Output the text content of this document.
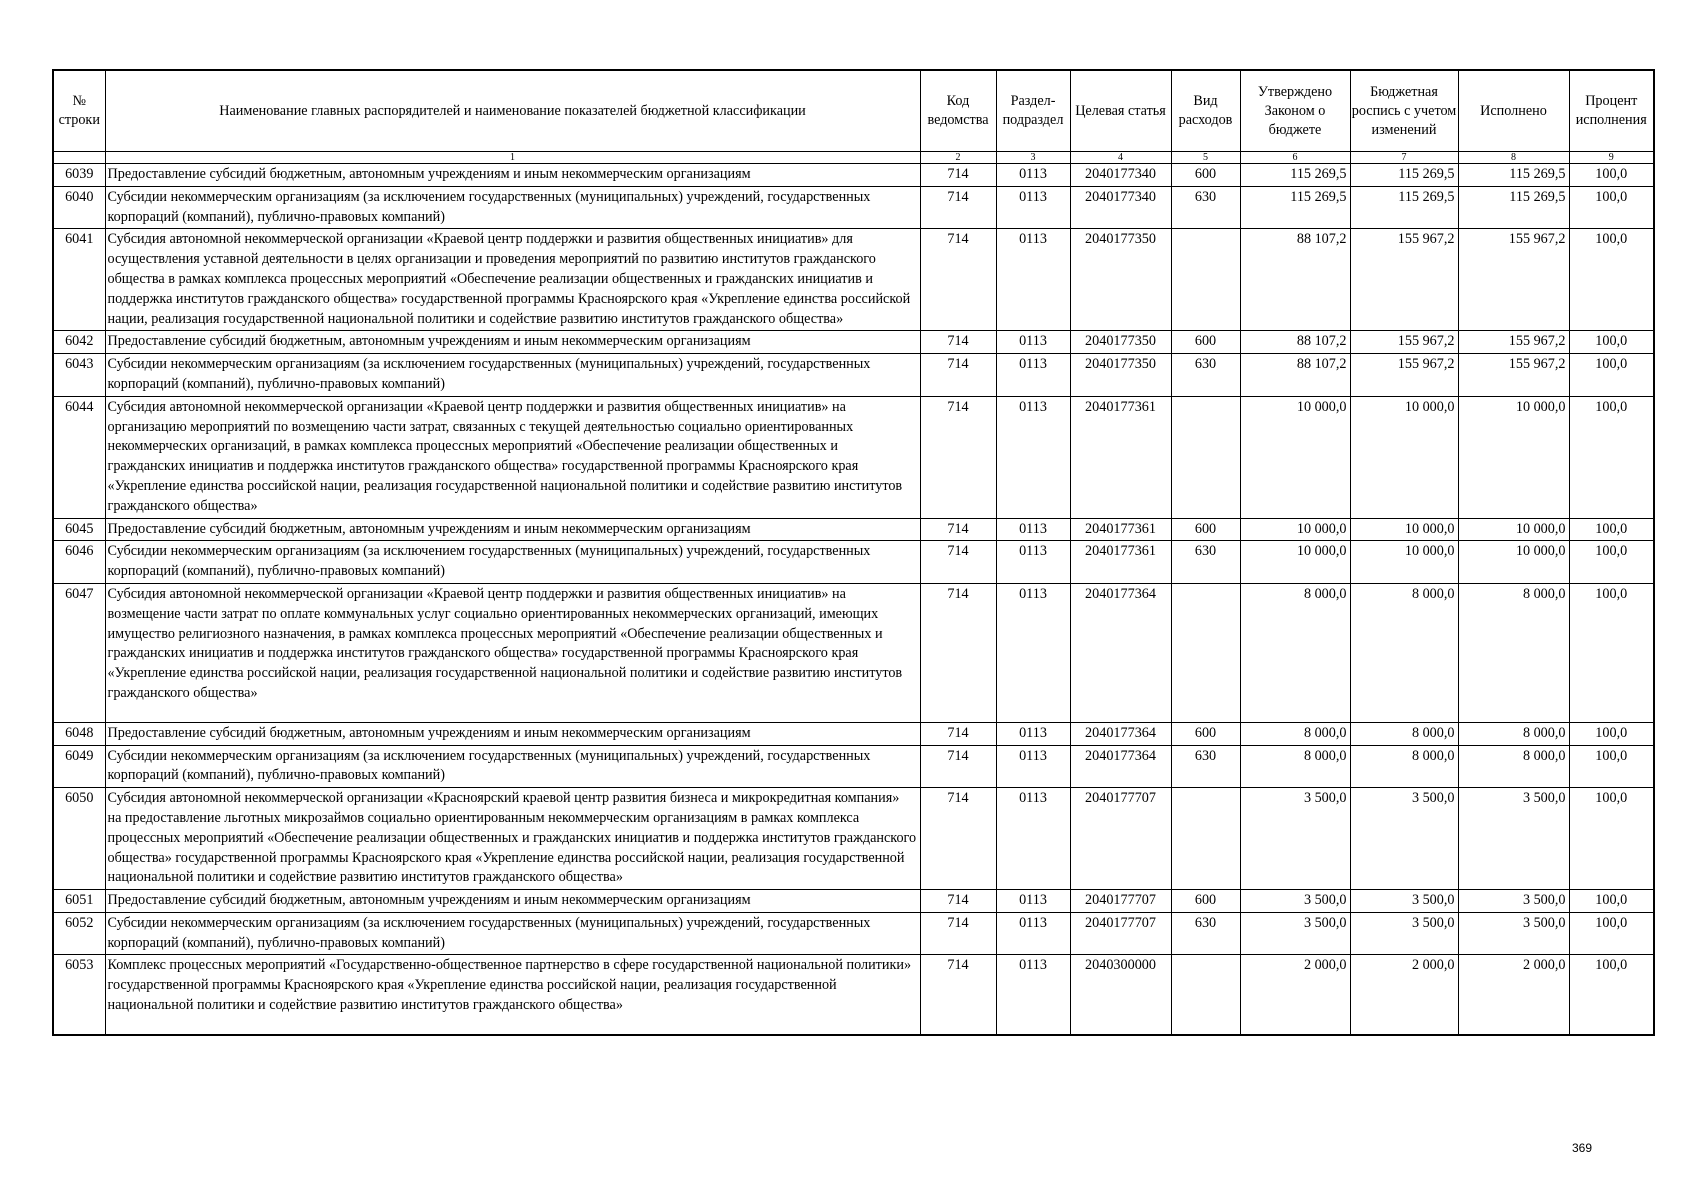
№ строки	Наименование главных распорядителей и наименование показателей бюджетной классификации	Код ведомства	Раздел-подраздел	Целевая статья	Вид расходов	Утверждено Законом о бюджете	Бюджетная роспись с учетом изменений	Исполнено	Процент исполнения
	1	2	3	4	5	6	7	8	9
6039	Предоставление субсидий бюджетным, автономным учреждениям и иным некоммерческим организациям	714	0113	2040177340	600	115 269,5	115 269,5	115 269,5	100,0
6040	Субсидии некоммерческим организациям (за исключением государственных (муниципальных) учреждений, государственных корпораций (компаний), публично-правовых компаний)	714	0113	2040177340	630	115 269,5	115 269,5	115 269,5	100,0
6041	Субсидия автономной некоммерческой организации «Краевой центр поддержки и развития общественных инициатив» для осуществления уставной деятельности в целях организации и проведения мероприятий по развитию институтов гражданского общества в рамках комплекса процессных мероприятий «Обеспечение реализации общественных и гражданских инициатив и поддержка институтов гражданского общества» государственной программы Красноярского края «Укрепление единства российской нации, реализация государственной национальной политики и содействие развитию институтов гражданского общества»	714	0113	2040177350		88 107,2	155 967,2	155 967,2	100,0
6042	Предоставление субсидий бюджетным, автономным учреждениям и иным некоммерческим организациям	714	0113	2040177350	600	88 107,2	155 967,2	155 967,2	100,0
6043	Субсидии некоммерческим организациям (за исключением государственных (муниципальных) учреждений, государственных корпораций (компаний), публично-правовых компаний)	714	0113	2040177350	630	88 107,2	155 967,2	155 967,2	100,0
6044	Субсидия автономной некоммерческой организации «Краевой центр поддержки и развития общественных инициатив» на организацию мероприятий по возмещению части затрат, связанных с текущей деятельностью социально ориентированных некоммерческих организаций, в рамках комплекса процессных мероприятий «Обеспечение реализации общественных и гражданских инициатив и поддержка институтов гражданского общества» государственной программы Красноярского края «Укрепление единства российской нации, реализация государственной национальной политики и содействие развитию институтов гражданского общества»	714	0113	2040177361		10 000,0	10 000,0	10 000,0	100,0
6045	Предоставление субсидий бюджетным, автономным учреждениям и иным некоммерческим организациям	714	0113	2040177361	600	10 000,0	10 000,0	10 000,0	100,0
6046	Субсидии некоммерческим организациям (за исключением государственных (муниципальных) учреждений, государственных корпораций (компаний), публично-правовых компаний)	714	0113	2040177361	630	10 000,0	10 000,0	10 000,0	100,0
6047	Субсидия автономной некоммерческой организации «Краевой центр поддержки и развития общественных инициатив» на возмещение части затрат по оплате коммунальных услуг социально ориентированных некоммерческих организаций, имеющих имущество религиозного назначения, в рамках комплекса процессных мероприятий «Обеспечение реализации общественных и гражданских инициатив и поддержка институтов гражданского общества» государственной программы Красноярского края «Укрепление единства российской нации, реализация государственной национальной политики и содействие развитию институтов гражданского общества»	714	0113	2040177364		8 000,0	8 000,0	8 000,0	100,0
6048	Предоставление субсидий бюджетным, автономным учреждениям и иным некоммерческим организациям	714	0113	2040177364	600	8 000,0	8 000,0	8 000,0	100,0
6049	Субсидии некоммерческим организациям (за исключением государственных (муниципальных) учреждений, государственных корпораций (компаний), публично-правовых компаний)	714	0113	2040177364	630	8 000,0	8 000,0	8 000,0	100,0
6050	Субсидия автономной некоммерческой организации «Красноярский краевой центр развития бизнеса и микрокредитная компания» на предоставление льготных микрозаймов социально ориентированным некоммерческим организациям в рамках комплекса процессных мероприятий «Обеспечение реализации общественных и гражданских инициатив и поддержка институтов гражданского общества» государственной программы Красноярского края «Укрепление единства российской нации, реализация государственной национальной политики и содействие развитию институтов гражданского общества»	714	0113	2040177707		3 500,0	3 500,0	3 500,0	100,0
6051	Предоставление субсидий бюджетным, автономным учреждениям и иным некоммерческим организациям	714	0113	2040177707	600	3 500,0	3 500,0	3 500,0	100,0
6052	Субсидии некоммерческим организациям (за исключением государственных (муниципальных) учреждений, государственных корпораций (компаний), публично-правовых компаний)	714	0113	2040177707	630	3 500,0	3 500,0	3 500,0	100,0
6053	Комплекс процессных мероприятий «Государственно-общественное партнерство в сфере государственной национальной политики» государственной программы Красноярского края «Укрепление единства российской нации, реализация государственной национальной политики и содействие развитию институтов гражданского общества»	714	0113	2040300000		2 000,0	2 000,0	2 000,0	100,0
369
